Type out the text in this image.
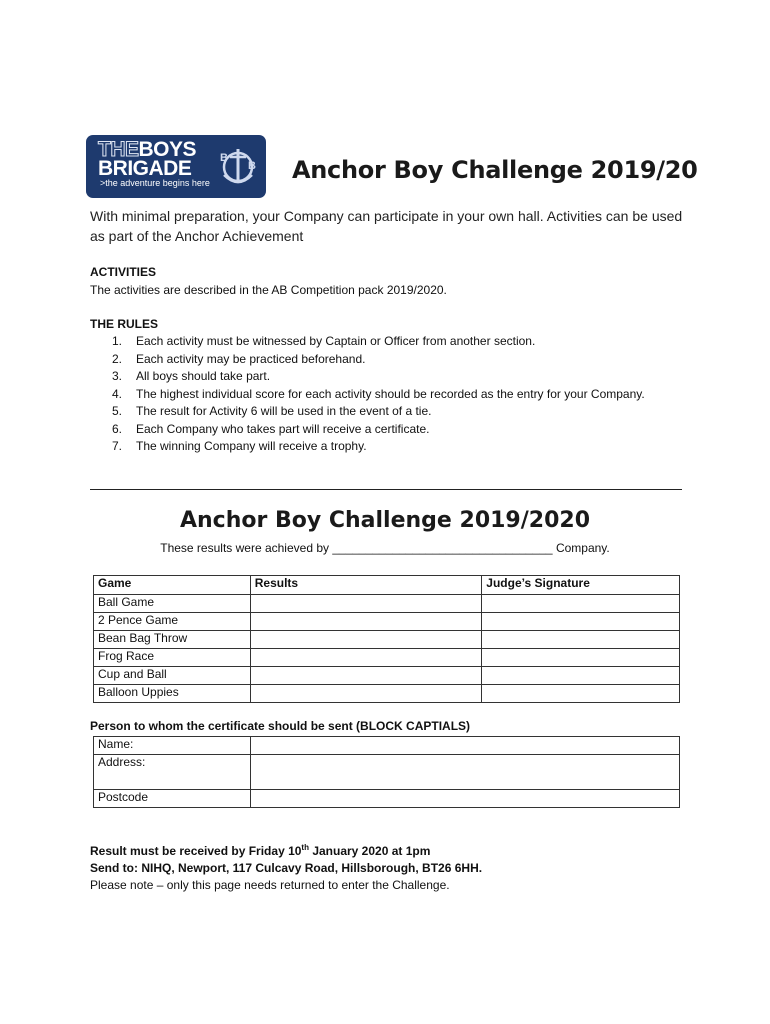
THEBOYS
BRIGADE
>the adventure begins here
B
B Anchor Boy Challenge 2019/20
With minimal preparation, your Company can participate in your own hall. Activities can be used as part of the Anchor Achievement
ACTIVITIES
The activities are described in the AB Competition pack 2019/2020.
THE RULES
1. Each activity must be witnessed by Captain or Officer from another section.
2. Each activity may be practiced beforehand.
3. All boys should take part.
4. The highest individual score for each activity should be recorded as the entry for your Company.
5. The result for Activity 6 will be used in the event of a tie.
6. Each Company who takes part will receive a certificate.
7. The winning Company will receive a trophy.
Anchor Boy Challenge 2019/2020
These results were achieved by _________________________________ Company.
Game	Results	Judge’s Signature
Ball Game		
2 Pence Game		
Bean Bag Throw		
Frog Race		
Cup and Ball		
Balloon Uppies		
Person to whom the certificate should be sent (BLOCK CAPTIALS)
Name:	
Address:	
Postcode	
Result must be received by Friday 10th January 2020 at 1pm
Send to: NIHQ, Newport, 117 Culcavy Road, Hillsborough, BT26 6HH.
Please note – only this page needs returned to enter the Challenge.
